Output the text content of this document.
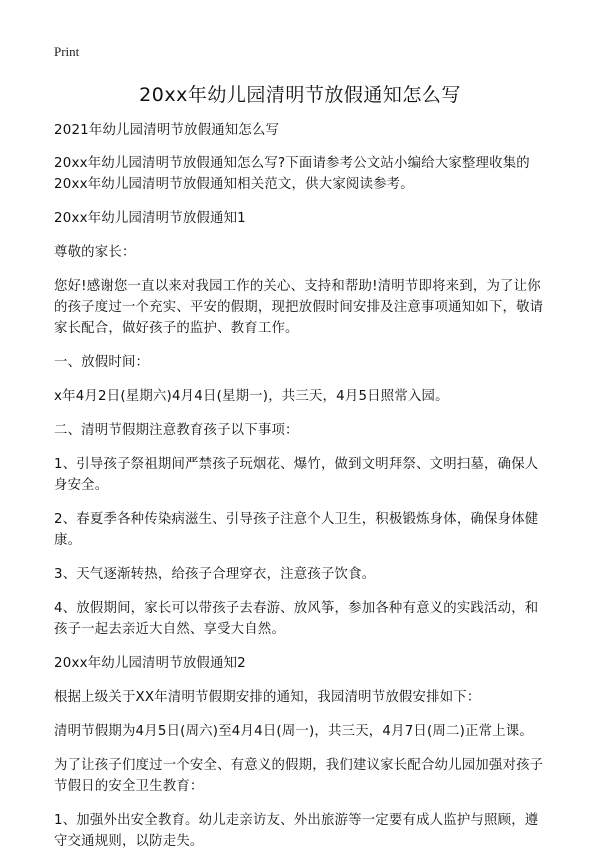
Print
20xx年幼儿园清明节放假通知怎么写

2021年幼儿园清明节放假通知怎么写

20xx年幼儿园清明节放假通知怎么写?下面请参考公文站小编给大家整理收集的20xx年幼儿园清明节放假通知相关范文，供大家阅读参考。

20xx年幼儿园清明节放假通知1

尊敬的家长：

您好!感谢您一直以来对我园工作的关心、支持和帮助!清明节即将来到，为了让你的孩子度过一个充实、平安的假期，现把放假时间安排及注意事项通知如下，敬请家长配合，做好孩子的监护、教育工作。

一、放假时间：

x年4月2日(星期六)4月4日(星期一)，共三天，4月5日照常入园。

二、清明节假期注意教育孩子以下事项：

1、引导孩子祭祖期间严禁孩子玩烟花、爆竹，做到文明拜祭、文明扫墓，确保人身安全。

2、春夏季各种传染病滋生、引导孩子注意个人卫生，积极锻炼身体，确保身体健康。

3、天气逐渐转热，给孩子合理穿衣，注意孩子饮食。

4、放假期间，家长可以带孩子去春游、放风筝，参加各种有意义的实践活动，和孩子一起去亲近大自然、享受大自然。

20xx年幼儿园清明节放假通知2

根据上级关于XX年清明节假期安排的通知，我园清明节放假安排如下：

清明节假期为4月5日(周六)至4月4日(周一)，共三天，4月7日(周二)正常上课。

为了让孩子们度过一个安全、有意义的假期，我们建议家长配合幼儿园加强对孩子节假日的安全卫生教育：

1、加强外出安全教育。幼儿走亲访友、外出旅游等一定要有成人监护与照顾，遵守交通规则，以防走失。
